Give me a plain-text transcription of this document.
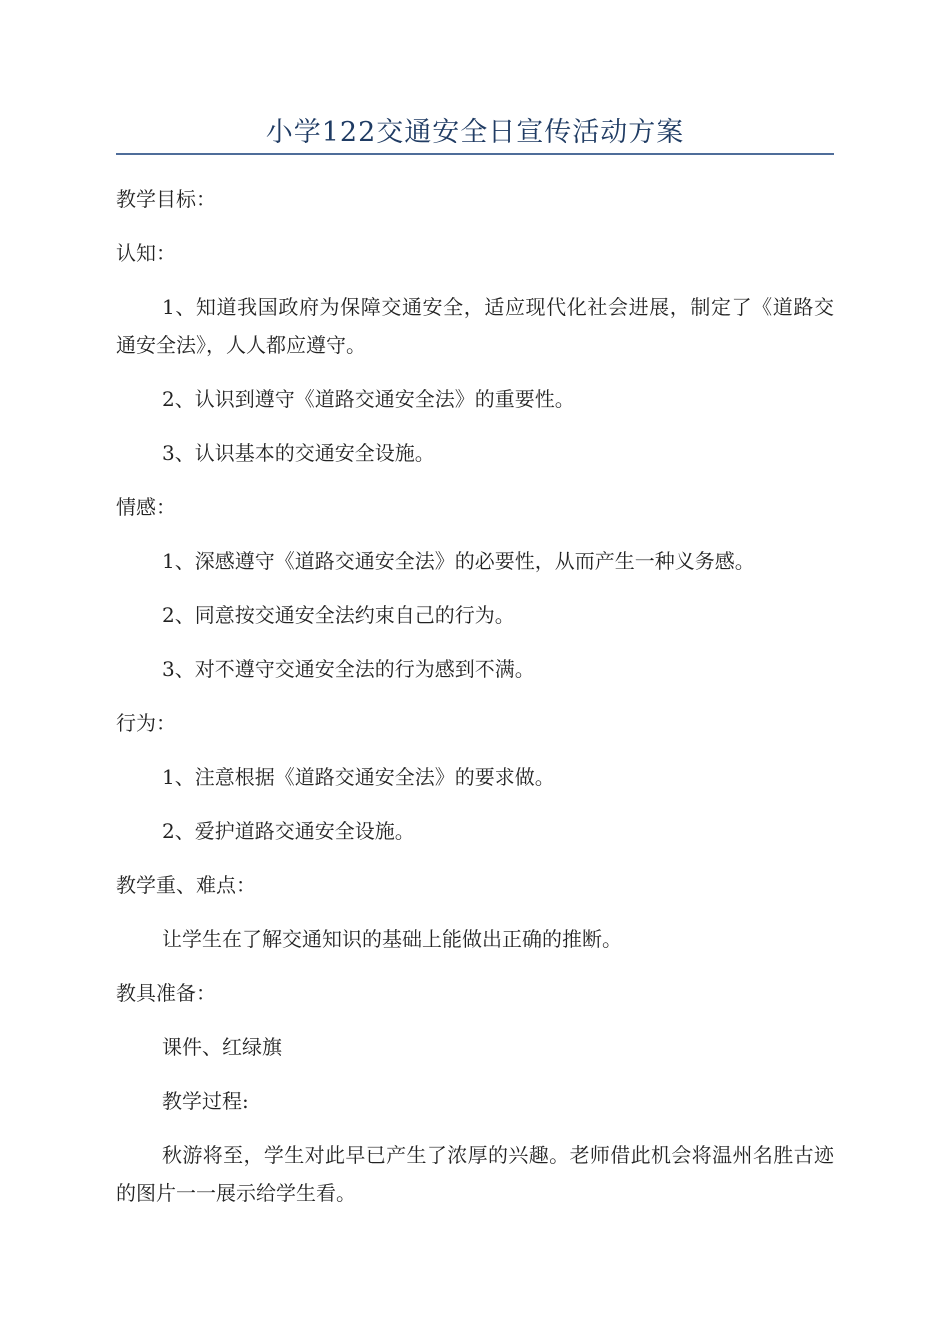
小学122交通安全日宣传活动方案

教学目标：

认知：

1、知道我国政府为保障交通安全，适应现代化社会进展，制定了《道路交通安全法》，人人都应遵守。

2、认识到遵守《道路交通安全法》的重要性。

3、认识基本的交通安全设施。

情感：

1、深感遵守《道路交通安全法》的必要性，从而产生一种义务感。

2、同意按交通安全法约束自己的行为。

3、对不遵守交通安全法的行为感到不满。

行为：

1、注意根据《道路交通安全法》的要求做。

2、爱护道路交通安全设施。

教学重、难点：

让学生在了解交通知识的基础上能做出正确的推断。

教具准备：

课件、红绿旗

教学过程:

秋游将至，学生对此早已产生了浓厚的兴趣。老师借此机会将温州名胜古迹的图片一一展示给学生看。
